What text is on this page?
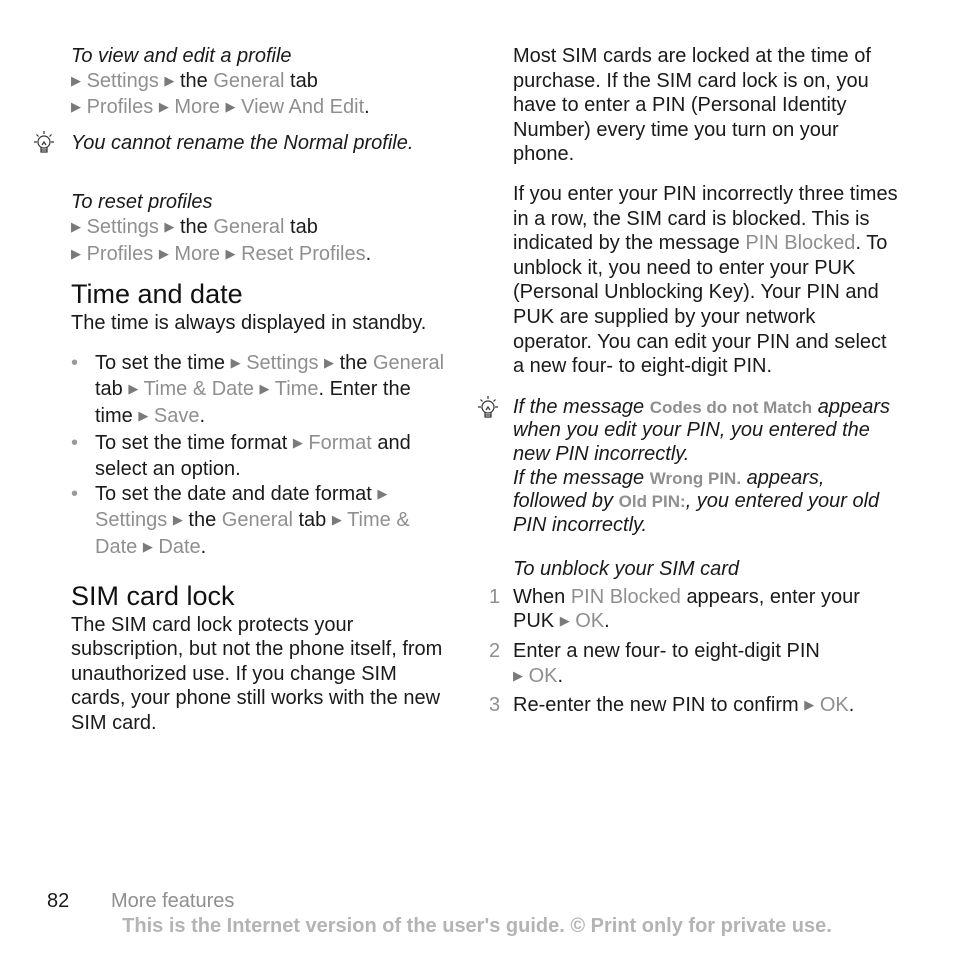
To view and edit a profile

▶ Settings ▶ the General tab

▶ Profiles ▶ More ▶ View And Edit.

You cannot rename the Normal profile.

To reset profiles

▶ Settings ▶ the General tab

▶ Profiles ▶ More ▶ Reset Profiles.

Time and date

The time is always displayed in standby.

• To set the time ▶ Settings ▶ the General tab ▶ Time & Date ▶ Time. Enter the time ▶ Save.
• To set the time format ▶ Format and select an option.
• To set the date and date format ▶ Settings ▶ the General tab ▶ Time & Date ▶ Date.
SIM card lock

The SIM card lock protects your subscription, but not the phone itself, from unauthorized use. If you change SIM cards, your phone still works with the new SIM card.

Most SIM cards are locked at the time of purchase. If the SIM card lock is on, you have to enter a PIN (Personal Identity Number) every time you turn on your phone.

If you enter your PIN incorrectly three times in a row, the SIM card is blocked. This is indicated by the message PIN Blocked. To unblock it, you need to enter your PUK (Personal Unblocking Key). Your PIN and PUK are supplied by your network operator. You can edit your PIN and select a new four- to eight-digit PIN.

If the message Codes do not Match appears when you edit your PIN, you entered the new PIN incorrectly.
If the message Wrong PIN. appears, followed by Old PIN:, you entered your old PIN incorrectly.

To unblock your SIM card

1 When PIN Blocked appears, enter your PUK ▶ OK.
2 Enter a new four- to eight-digit PIN
▶ OK.
3 Re-enter the new PIN to confirm ▶ OK.
82 More features
This is the Internet version of the user's guide. © Print only for private use.
